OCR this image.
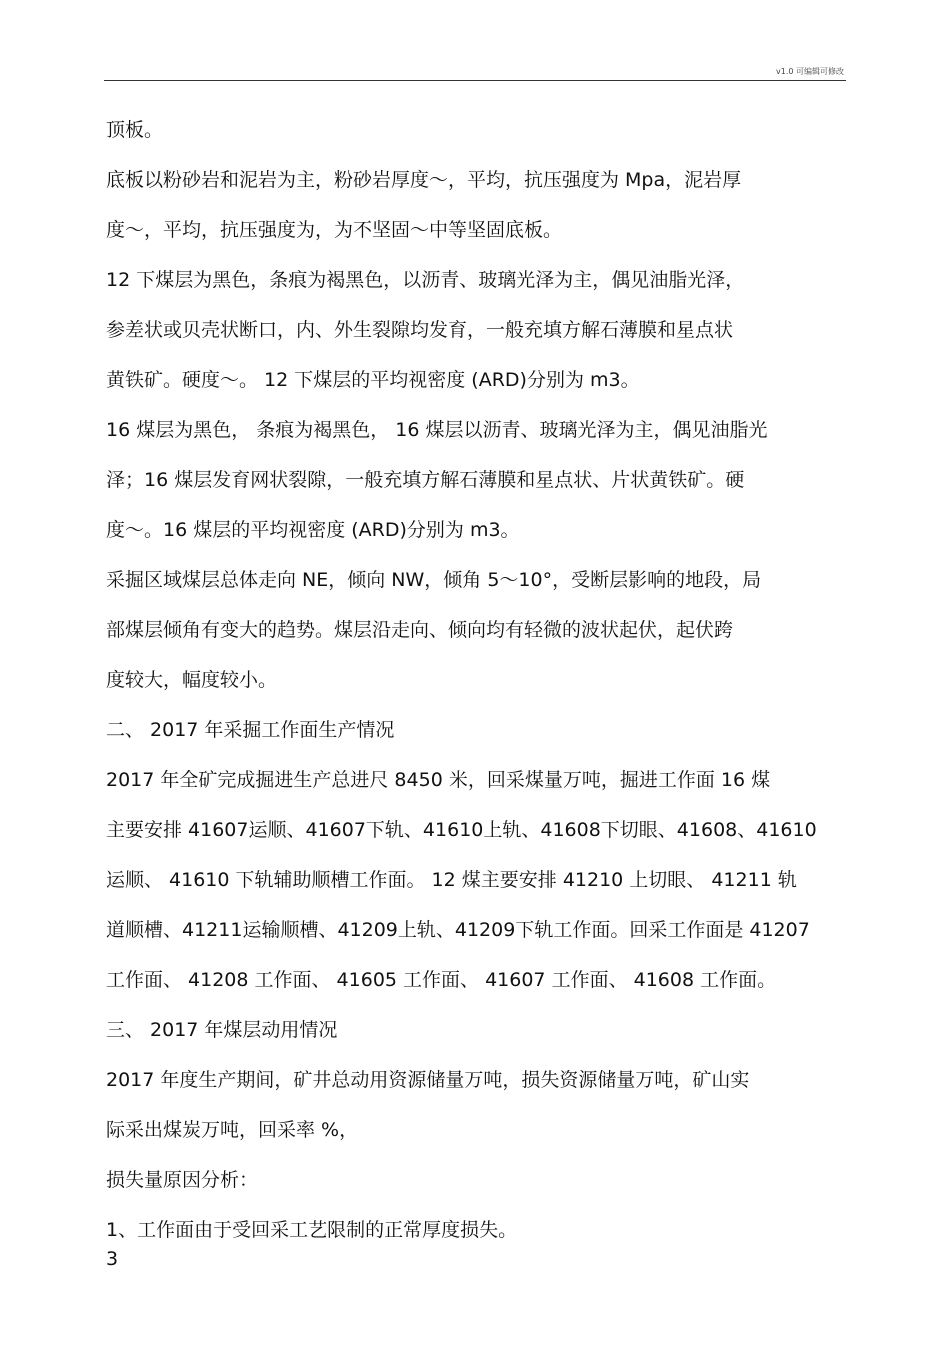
v1.0 可编辑可修改
顶板。
底板以粉砂岩和泥岩为主，粉砂岩厚度～，平均，抗压强度为 Mpa，泥岩厚
度～，平均，抗压强度为，为不坚固～中等坚固底板。
12 下煤层为黑色，条痕为褐黑色，以沥青、玻璃光泽为主，偶见油脂光泽，
参差状或贝壳状断口，内、外生裂隙均发育，一般充填方解石薄膜和星点状
黄铁矿。硬度～。 12 下煤层的平均视密度 (ARD)分别为 m3。
16 煤层为黑色， 条痕为褐黑色， 16 煤层以沥青、玻璃光泽为主，偶见油脂光
泽；16 煤层发育网状裂隙，一般充填方解石薄膜和星点状、片状黄铁矿。硬
度～。16 煤层的平均视密度 (ARD)分别为 m3。
采掘区域煤层总体走向 NE，倾向 NW，倾角 5～10°，受断层影响的地段，局
部煤层倾角有变大的趋势。煤层沿走向、倾向均有轻微的波状起伏，起伏跨
度较大，幅度较小。
二、 2017 年采掘工作面生产情况
2017 年全矿完成掘进生产总进尺 8450 米，回采煤量万吨，掘进工作面 16 煤
主要安排 41607运顺、41607下轨、41610上轨、41608下切眼、41608、41610
运顺、 41610 下轨辅助顺槽工作面。 12 煤主要安排 41210 上切眼、 41211 轨
道顺槽、41211运输顺槽、41209上轨、41209下轨工作面。回采工作面是 41207
工作面、 41208 工作面、 41605 工作面、 41607 工作面、 41608 工作面。
三、 2017 年煤层动用情况
2017 年度生产期间，矿井总动用资源储量万吨，损失资源储量万吨，矿山实
际采出煤炭万吨，回采率 %，
损失量原因分析：
1、工作面由于受回采工艺限制的正常厚度损失。
3
